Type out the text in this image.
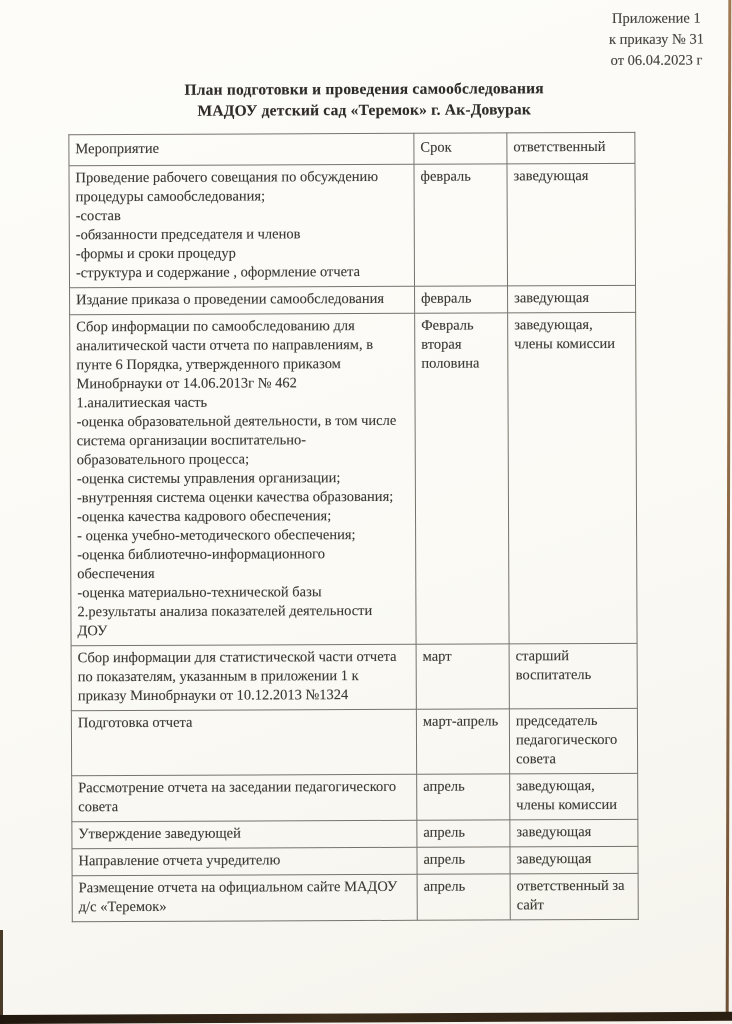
Приложение 1
к приказу № 31
от 06.04.2023 г
План подготовки и проведения самообследования
МАДОУ детский сад «Теремок» г. Ак-Довурак
Мероприятие	Срок	ответственный
Проведение рабочего совещания по обсуждению
процедуры самообследования;
-состав
-обязанности председателя и членов
-формы и сроки процедур
-структура и содержание , оформление отчета	февраль	заведующая
Издание приказа о проведении самообследования	февраль	заведующая
Сбор информации по самообследованию для
аналитической части отчета по направлениям, в
пунте 6 Порядка, утвержденного приказом
Минобрнауки от 14.06.2013г № 462
1.аналитиеская часть
-оценка образовательной деятельности, в том числе
система организации воспитательно-
образовательного процесса;
-оценка системы управления организации;
-внутренняя система оценки качества образования;
-оценка качества кадрового обеспечения;
- оценка учебно-методического обеспечения;
-оценка библиотечно-информационного
обеспечения
-оценка материально-технической базы
2.результаты анализа показателей деятельности
ДОУ	Февраль
вторая
половина	заведующая,
члены комиссии
Сбор информации для статистической части отчета
по показателям, указанным в приложении 1 к
приказу Минобрнауки от 10.12.2013 №1324	март	старший
воспитатель
Подготовка отчета	март-апрель	председатель
педагогического
совета
Рассмотрение отчета на заседании педагогического
совета	апрель	заведующая,
члены комиссии
Утверждение заведующей	апрель	заведующая
Направление отчета учредителю	апрель	заведующая
Размещение отчета на официальном сайте МАДОУ
д/с «Теремок»	апрель	ответственный за
сайт
